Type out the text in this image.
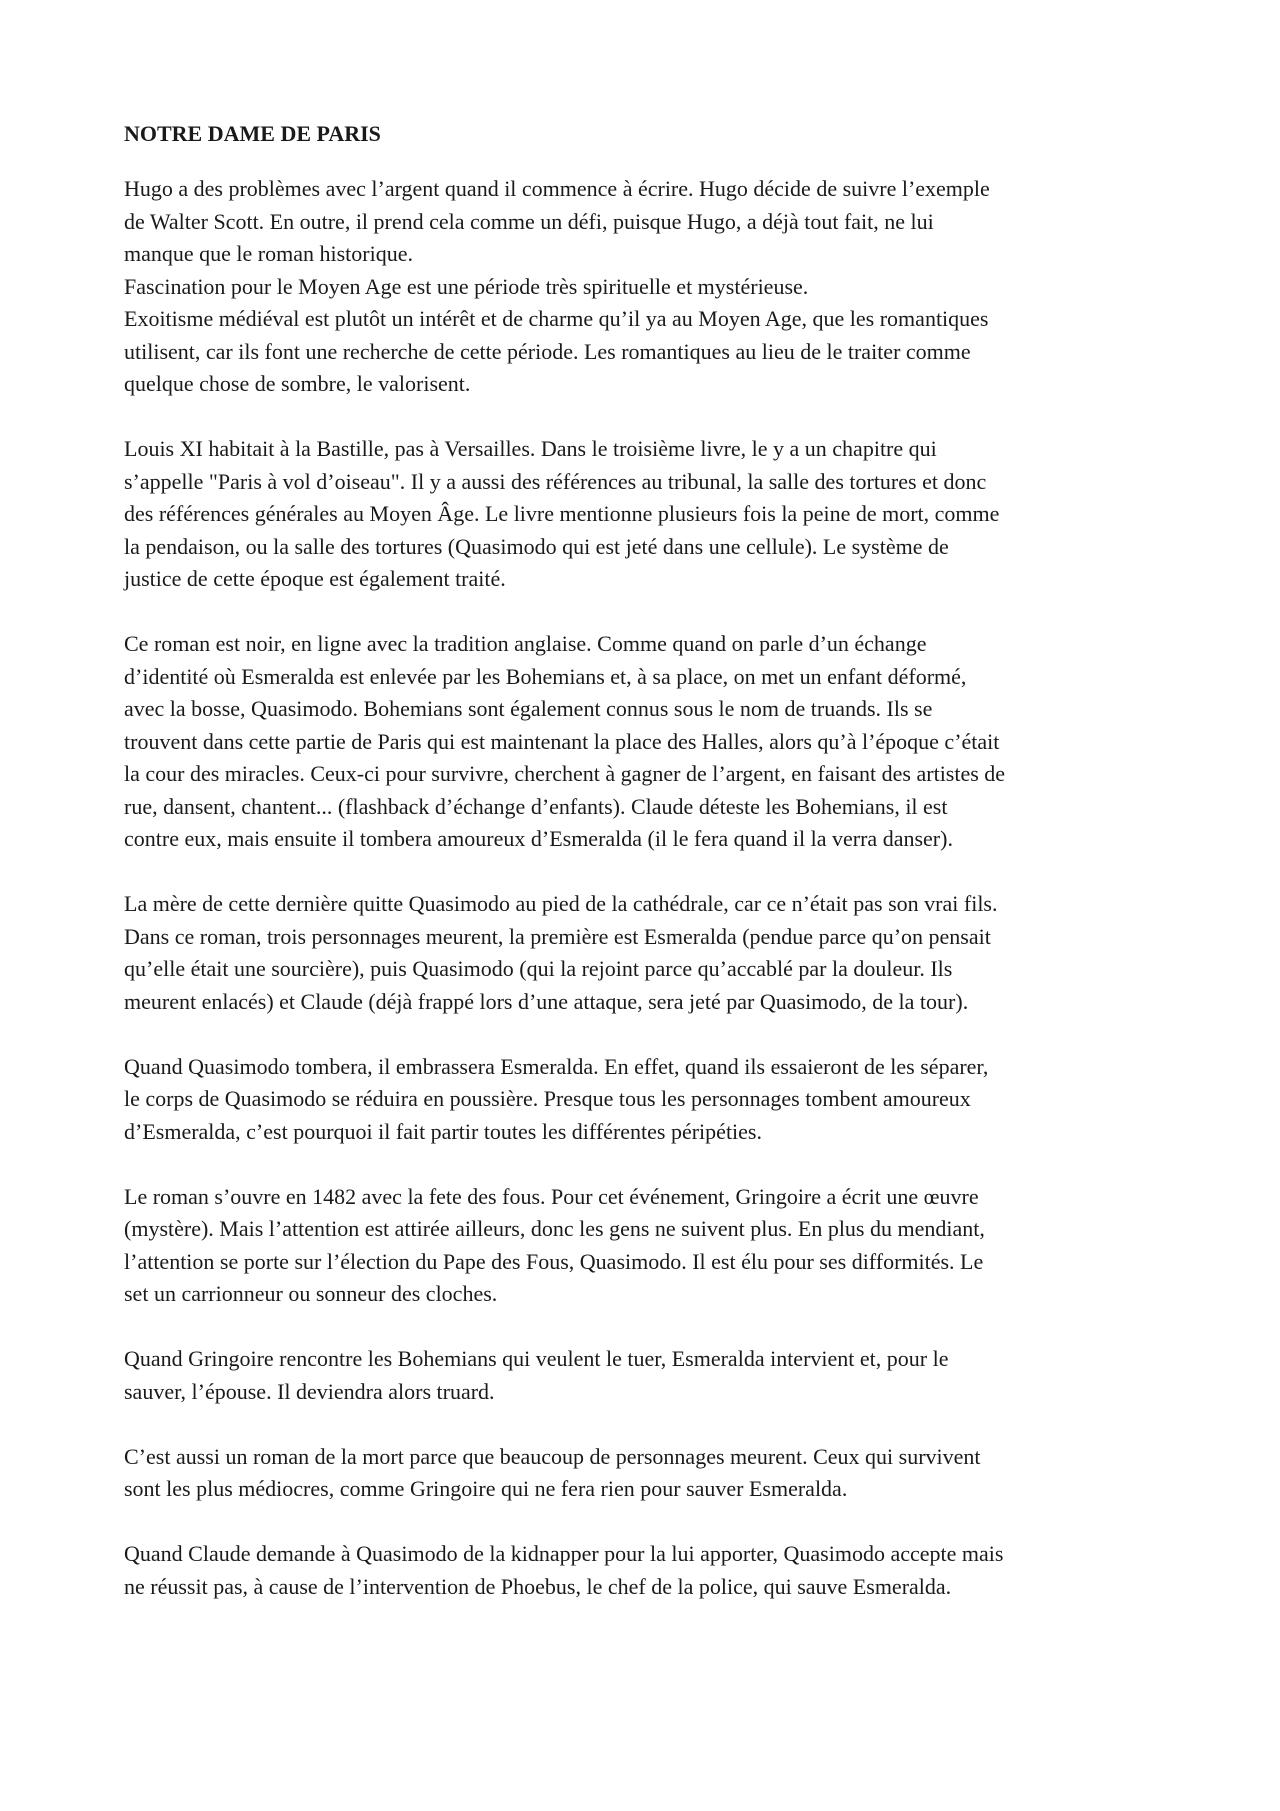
NOTRE DAME DE PARIS
Hugo a des problèmes avec l’argent quand il commence à écrire. Hugo décide de suivre l’exemple
de Walter Scott. En outre, il prend cela comme un défi, puisque Hugo, a déjà tout fait, ne lui
manque que le roman historique.
Fascination pour le Moyen Age est une période très spirituelle et mystérieuse.
Exoitisme médiéval est plutôt un intérêt et de charme qu’il ya au Moyen Age, que les romantiques
utilisent, car ils font une recherche de cette période. Les romantiques au lieu de le traiter comme
quelque chose de sombre, le valorisent.
Louis XI habitait à la Bastille, pas à Versailles. Dans le troisième livre, le y a un chapitre qui
s’appelle "Paris à vol d’oiseau". Il y a aussi des références au tribunal, la salle des tortures et donc
des références générales au Moyen Âge. Le livre mentionne plusieurs fois la peine de mort, comme
la pendaison, ou la salle des tortures (Quasimodo qui est jeté dans une cellule). Le système de
justice de cette époque est également traité.
Ce roman est noir, en ligne avec la tradition anglaise. Comme quand on parle d’un échange
d’identité où Esmeralda est enlevée par les Bohemians et, à sa place, on met un enfant déformé,
avec la bosse, Quasimodo. Bohemians sont également connus sous le nom de truands. Ils se
trouvent dans cette partie de Paris qui est maintenant la place des Halles, alors qu’à l’époque c’était
la cour des miracles. Ceux-ci pour survivre, cherchent à gagner de l’argent, en faisant des artistes de
rue, dansent, chantent... (flashback d’échange d’enfants). Claude déteste les Bohemians, il est
contre eux, mais ensuite il tombera amoureux d’Esmeralda (il le fera quand il la verra danser).
La mère de cette dernière quitte Quasimodo au pied de la cathédrale, car ce n’était pas son vrai fils.
Dans ce roman, trois personnages meurent, la première est Esmeralda (pendue parce qu’on pensait
qu’elle était une sourcière), puis Quasimodo (qui la rejoint parce qu’accablé par la douleur. Ils
meurent enlacés) et Claude (déjà frappé lors d’une attaque, sera jeté par Quasimodo, de la tour).
Quand Quasimodo tombera, il embrassera Esmeralda. En effet, quand ils essaieront de les séparer,
le corps de Quasimodo se réduira en poussière. Presque tous les personnages tombent amoureux
d’Esmeralda, c’est pourquoi il fait partir toutes les différentes péripéties.
Le roman s’ouvre en 1482 avec la fete des fous. Pour cet événement, Gringoire a écrit une œuvre
(mystère). Mais l’attention est attirée ailleurs, donc les gens ne suivent plus. En plus du mendiant,
l’attention se porte sur l’élection du Pape des Fous, Quasimodo. Il est élu pour ses difformités. Le
set un carrionneur ou sonneur des cloches.
Quand Gringoire rencontre les Bohemians qui veulent le tuer, Esmeralda intervient et, pour le
sauver, l’épouse. Il deviendra alors truard.
C’est aussi un roman de la mort parce que beaucoup de personnages meurent. Ceux qui survivent
sont les plus médiocres, comme Gringoire qui ne fera rien pour sauver Esmeralda.
Quand Claude demande à Quasimodo de la kidnapper pour la lui apporter, Quasimodo accepte mais
ne réussit pas, à cause de l’intervention de Phoebus, le chef de la police, qui sauve Esmeralda.
